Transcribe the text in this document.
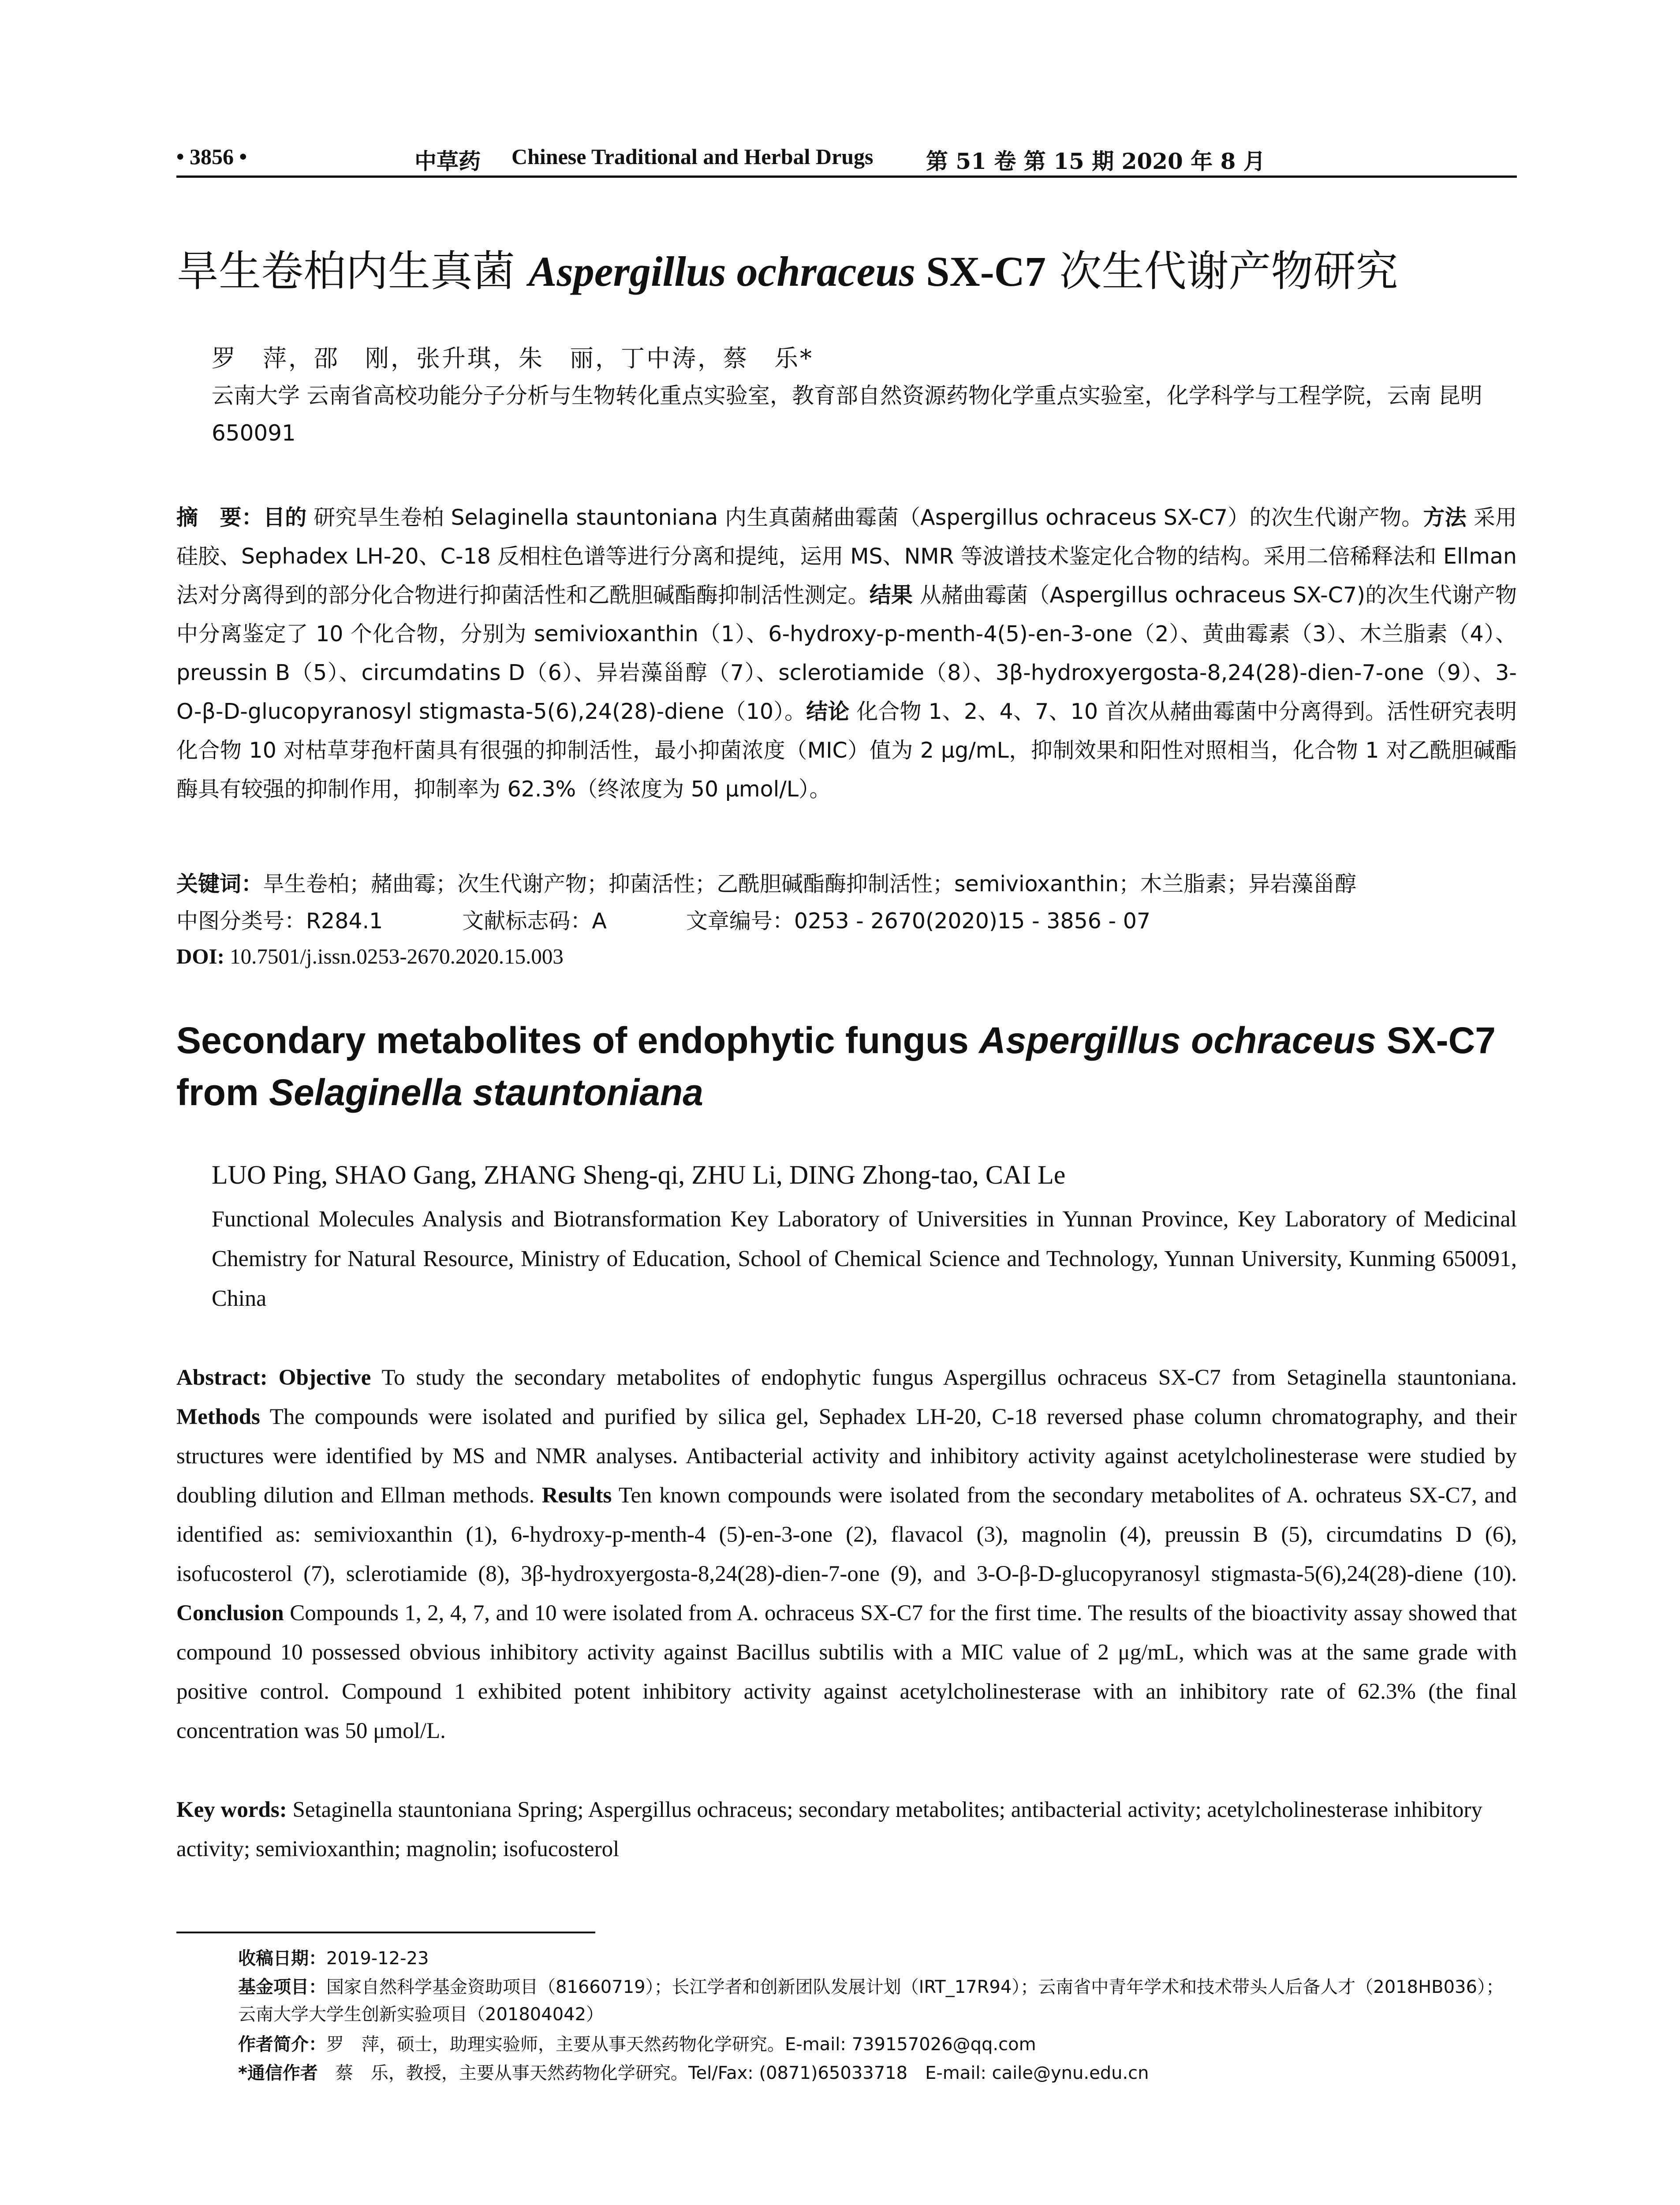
• 3856 •	中草药 Chinese Traditional and Herbal Drugs 第 51 卷 第 15 期 2020 年 8 月
旱生卷柏内生真菌 Aspergillus ochraceus SX-C7 次生代谢产物研究
罗　萍，邵　刚，张升琪，朱　丽，丁中涛，蔡　乐*
云南大学 云南省高校功能分子分析与生物转化重点实验室，教育部自然资源药物化学重点实验室，化学科学与工程学院，云南 昆明 650091
摘　要：目的 研究旱生卷柏 Selaginella stauntoniana 内生真菌赭曲霉菌（Aspergillus ochraceus SX-C7）的次生代谢产物。方法 采用硅胶、Sephadex LH-20、C-18 反相柱色谱等进行分离和提纯，运用 MS、NMR 等波谱技术鉴定化合物的结构。采用二倍稀释法和 Ellman 法对分离得到的部分化合物进行抑菌活性和乙酰胆碱酯酶抑制活性测定。结果 从赭曲霉菌（Aspergillus ochraceus SX-C7)的次生代谢产物中分离鉴定了 10 个化合物，分别为 semivioxanthin（1）、6-hydroxy-p-menth-4(5)-en-3-one（2）、黄曲霉素（3）、木兰脂素（4）、preussin B（5）、circumdatins D（6）、异岩藻甾醇（7）、sclerotiamide（8）、3β-hydroxyergosta-8,24(28)-dien-7-one（9）、3-O-β-D-glucopyranosyl stigmasta-5(6),24(28)-diene（10）。结论 化合物 1、2、4、7、10 首次从赭曲霉菌中分离得到。活性研究表明化合物 10 对枯草芽孢杆菌具有很强的抑制活性，最小抑菌浓度（MIC）值为 2 μg/mL，抑制效果和阳性对照相当，化合物 1 对乙酰胆碱酯酶具有较强的抑制作用，抑制率为 62.3%（终浓度为 50 μmol/L）。
关键词：旱生卷柏；赭曲霉；次生代谢产物；抑菌活性；乙酰胆碱酯酶抑制活性；semivioxanthin；木兰脂素；异岩藻甾醇
中图分类号：R284.1	文献标志码：A	文章编号：0253 - 2670(2020)15 - 3856 - 07
DOI: 10.7501/j.issn.0253-2670.2020.15.003
Secondary metabolites of endophytic fungus Aspergillus ochraceus SX-C7 from Selaginella stauntoniana
LUO Ping, SHAO Gang, ZHANG Sheng-qi, ZHU Li, DING Zhong-tao, CAI Le
Functional Molecules Analysis and Biotransformation Key Laboratory of Universities in Yunnan Province, Key Laboratory of Medicinal Chemistry for Natural Resource, Ministry of Education, School of Chemical Science and Technology, Yunnan University, Kunming 650091, China
Abstract: Objective To study the secondary metabolites of endophytic fungus Aspergillus ochraceus SX-C7 from Setaginella stauntoniana. Methods The compounds were isolated and purified by silica gel, Sephadex LH-20, C-18 reversed phase column chromatography, and their structures were identified by MS and NMR analyses. Antibacterial activity and inhibitory activity against acetylcholinesterase were studied by doubling dilution and Ellman methods. Results Ten known compounds were isolated from the secondary metabolites of A. ochrateus SX-C7, and identified as: semivioxanthin (1), 6-hydroxy-p-menth-4 (5)-en-3-one (2), flavacol (3), magnolin (4), preussin B (5), circumdatins D (6), isofucosterol (7), sclerotiamide (8), 3β-hydroxyergosta-8,24(28)-dien-7-one (9), and 3-O-β-D-glucopyranosyl stigmasta-5(6),24(28)-diene (10). Conclusion Compounds 1, 2, 4, 7, and 10 were isolated from A. ochraceus SX-C7 for the first time. The results of the bioactivity assay showed that compound 10 possessed obvious inhibitory activity against Bacillus subtilis with a MIC value of 2 μg/mL, which was at the same grade with positive control. Compound 1 exhibited potent inhibitory activity against acetylcholinesterase with an inhibitory rate of 62.3% (the final concentration was 50 μmol/L.
Key words: Setaginella stauntoniana Spring; Aspergillus ochraceus; secondary metabolites; antibacterial activity; acetylcholinesterase inhibitory activity; semivioxanthin; magnolin; isofucosterol
收稿日期：2019-12-23
基金项目：国家自然科学基金资助项目（81660719）；长江学者和创新团队发展计划（IRT_17R94）；云南省中青年学术和技术带头人后备人才（2018HB036）；云南大学大学生创新实验项目（201804042）
作者简介：罗　萍，硕士，助理实验师，主要从事天然药物化学研究。E-mail: 739157026@qq.com
*通信作者　蔡　乐，教授，主要从事天然药物化学研究。Tel/Fax: (0871)65033718　E-mail: caile@ynu.edu.cn
